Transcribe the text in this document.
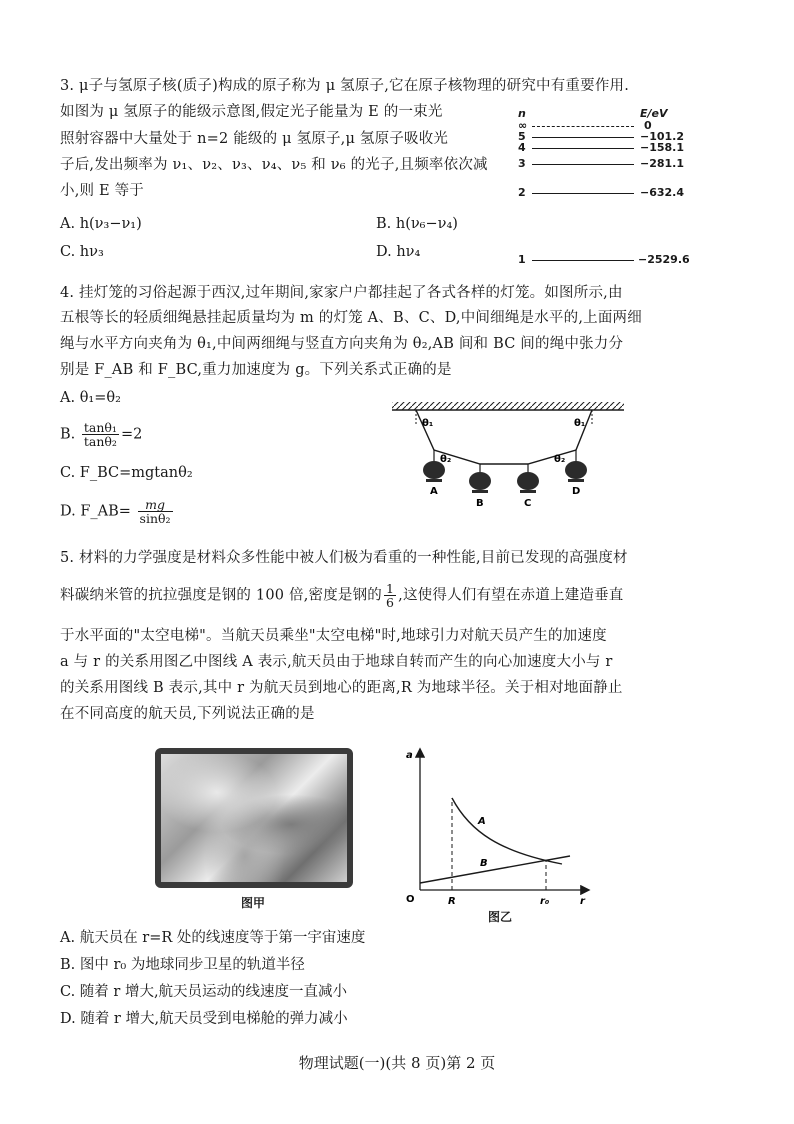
3. μ子与氢原子核(质子)构成的原子称为 μ 氢原子,它在原子核物理的研究中有重要作用.
如图为 μ 氢原子的能级示意图,假定光子能量为 E 的一束光
照射容器中大量处于 n=2 能级的 μ 氢原子,μ 氢原子吸收光
子后,发出频率为 ν₁、ν₂、ν₃、ν₄、ν₅ 和 ν₆ 的光子,且频率依次减
小,则 E 等于
A. h(ν₃−ν₁)	B. h(ν₆−ν₄)
C. hν₃	D. hν₄
n	E/eV
∞	0
5	−101.2
4	−158.1
3	−281.1
2	−632.4
1	−2529.6
4. 挂灯笼的习俗起源于西汉,过年期间,家家户户都挂起了各式各样的灯笼。如图所示,由
五根等长的轻质细绳悬挂起质量均为 m 的灯笼 A、B、C、D,中间细绳是水平的,上面两细
绳与水平方向夹角为 θ₁,中间两细绳与竖直方向夹角为 θ₂,AB 间和 BC 间的绳中张力分
别是 F_AB 和 F_BC,重力加速度为 g。下列关系式正确的是
A. θ₁=θ₂
B. $\frac{\text{tanθ₁}}{\text{tanθ₂}} =2$
C. F_BC=mgtanθ₂
D. F_AB= $\frac{mg}{\text{sinθ₂}}$
θ₁	θ₁
θ₂	θ₂
A
B	C
D
5. 材料的力学强度是材料众多性能中被人们极为看重的一种性能,目前已发现的高强度材
料碳纳米管的抗拉强度是钢的 100 倍,密度是钢的 $\frac{1}{6}$ ,这使得人们有望在赤道上建造垂直
于水平面的"太空电梯"。当航天员乘坐"太空电梯"时,地球引力对航天员产生的加速度
a 与 r 的关系用图乙中图线 A 表示,航天员由于地球自转而产生的向心加速度大小与 r
的关系用图线 B 表示,其中 r 为航天员到地心的距离,R 为地球半径。关于相对地面静止
在不同高度的航天员,下列说法正确的是
图甲
a
O	R	r₀	r
A
B
图乙
A. 航天员在 r=R 处的线速度等于第一宇宙速度
B. 图中 r₀ 为地球同步卫星的轨道半径
C. 随着 r 增大,航天员运动的线速度一直减小
D. 随着 r 增大,航天员受到电梯舱的弹力减小
物理试题(一)(共 8 页)第 2 页
